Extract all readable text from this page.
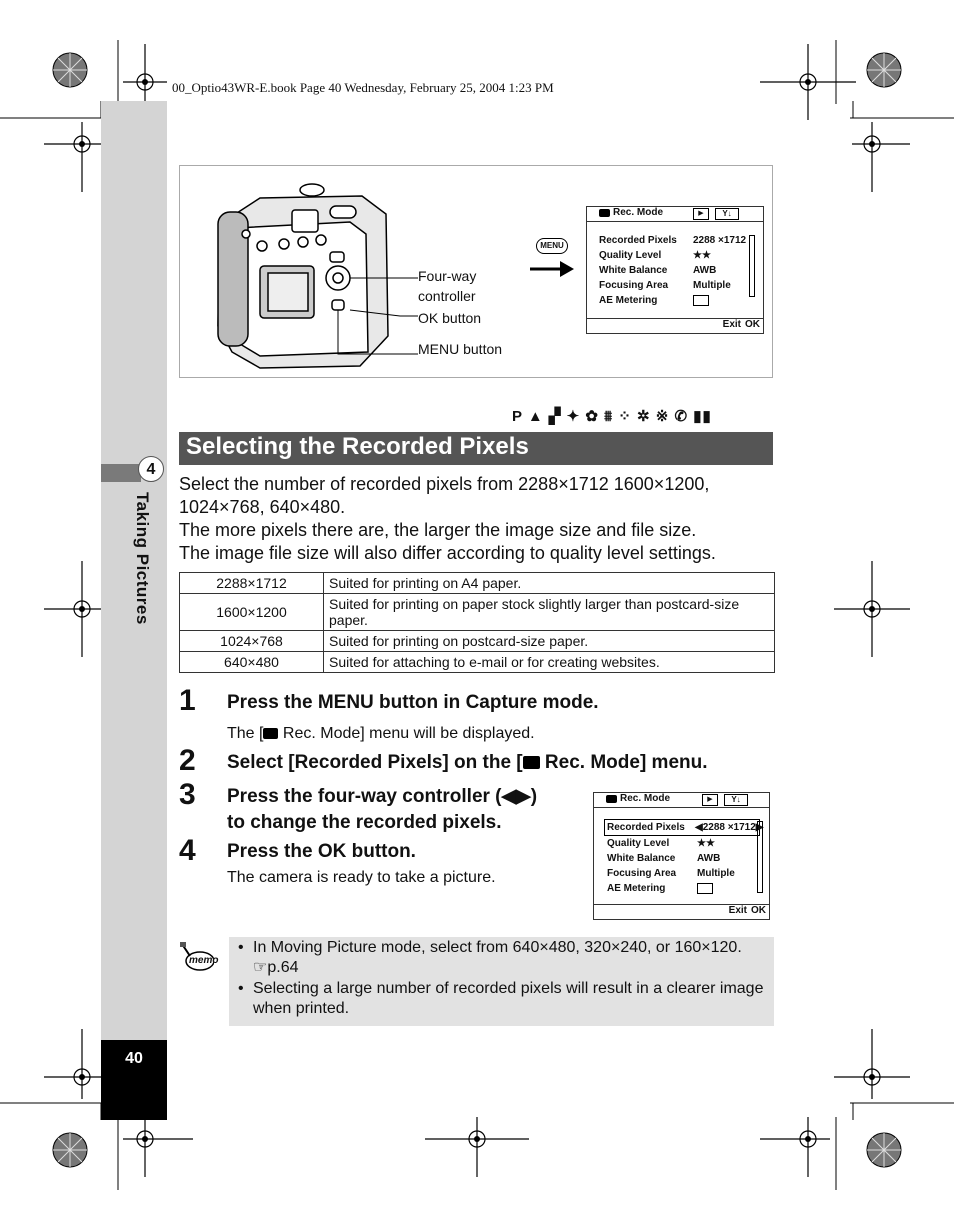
4
Taking Pictures
40
00_Optio43WR-E.book Page 40 Wednesday, February 25, 2004 1:23 PM
Four-way
controller
OK button
MENU button
MENU
Rec. Mode	▶	Y↓
Recorded Pixels 2288 ×1712
Quality Level	★★
White Balance	AWB
Focusing Area Multiple
AE Metering
Exit OK
P ▲ ▞ ✦ ✿ ⩩ ⁘ ✲ ※ ✆ ▮▮
Selecting the Recorded Pixels
Select the number of recorded pixels from 2288×1712 1600×1200,
1024×768, 640×480.
The more pixels there are, the larger the image size and file size.
The image file size will also differ according to quality level settings.
2288×1712	Suited for printing on A4 paper.
1600×1200	Suited for printing on paper stock slightly larger than postcard-size paper.
1024×768	Suited for printing on postcard-size paper.
640×480	Suited for attaching to e-mail or for creating websites.
1 Press the MENU button in Capture mode.
The [ Rec. Mode] menu will be displayed.
2 Select [Recorded Pixels] on the [ Rec. Mode] menu.
3 Press the four-way controller (◀▶)
to change the recorded pixels.
4 Press the OK button.
The camera is ready to take a picture.
Rec. Mode	▶	Y↓
Recorded Pixels ◀2288 ×1712▶
Quality Level	★★
White Balance AWB
Focusing Area Multiple
AE Metering
Exit OK
memo
• In Moving Picture mode, select from 640×480, 320×240, or 160×120.
☞p.64
• Selecting a large number of recorded pixels will result in a clearer image when printed.
